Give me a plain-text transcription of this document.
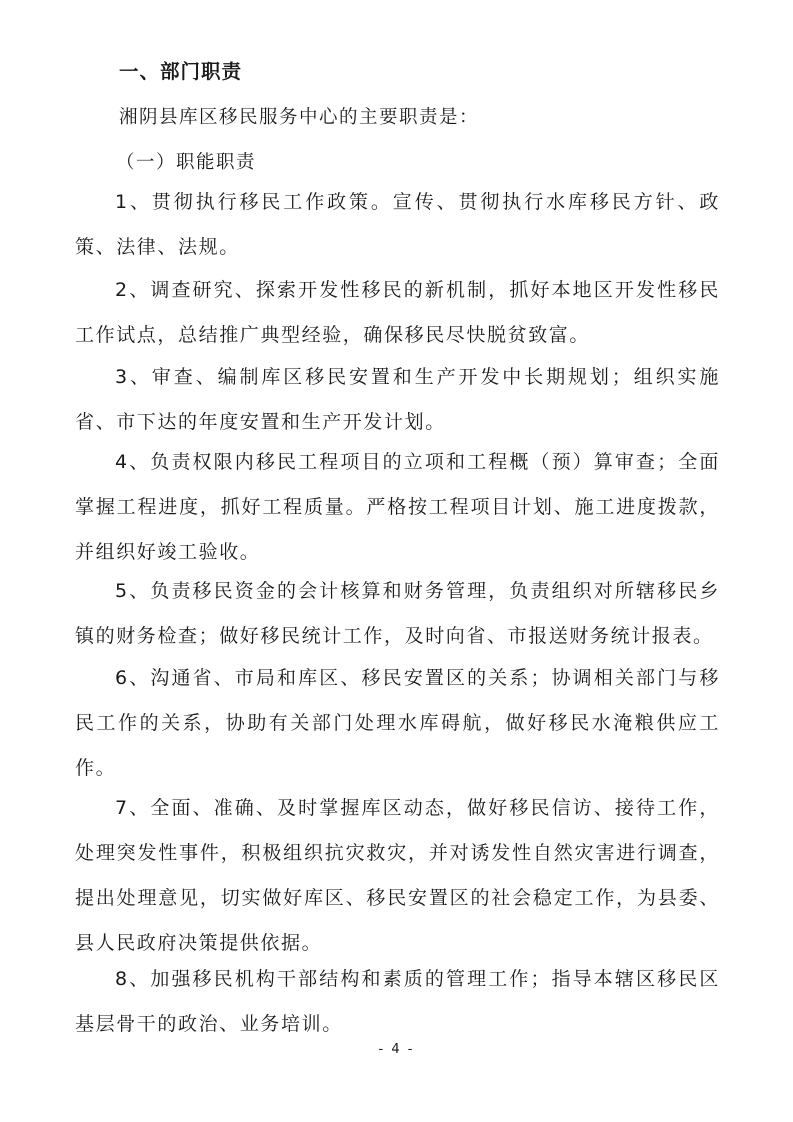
一、部门职责
湘阴县库区移民服务中心的主要职责是：
（一）职能职责

1、贯彻执行移民工作政策。宣传、贯彻执行水库移民方针、政策、法律、法规。

2、调查研究、探索开发性移民的新机制，抓好本地区开发性移民工作试点，总结推广典型经验，确保移民尽快脱贫致富。

3、审查、编制库区移民安置和生产开发中长期规划；组织实施省、市下达的年度安置和生产开发计划。

4、负责权限内移民工程项目的立项和工程概（预）算审查；全面掌握工程进度，抓好工程质量。严格按工程项目计划、施工进度拨款，并组织好竣工验收。

5、负责移民资金的会计核算和财务管理，负责组织对所辖移民乡镇的财务检查；做好移民统计工作，及时向省、市报送财务统计报表。

6、沟通省、市局和库区、移民安置区的关系；协调相关部门与移民工作的关系，协助有关部门处理水库碍航，做好移民水淹粮供应工作。

7、全面、准确、及时掌握库区动态，做好移民信访、接待工作，处理突发性事件，积极组织抗灾救灾，并对诱发性自然灾害进行调查，提出处理意见，切实做好库区、移民安置区的社会稳定工作，为县委、县人民政府决策提供依据。

8、加强移民机构干部结构和素质的管理工作；指导本辖区移民区基层骨干的政治、业务培训。

- 4 -
